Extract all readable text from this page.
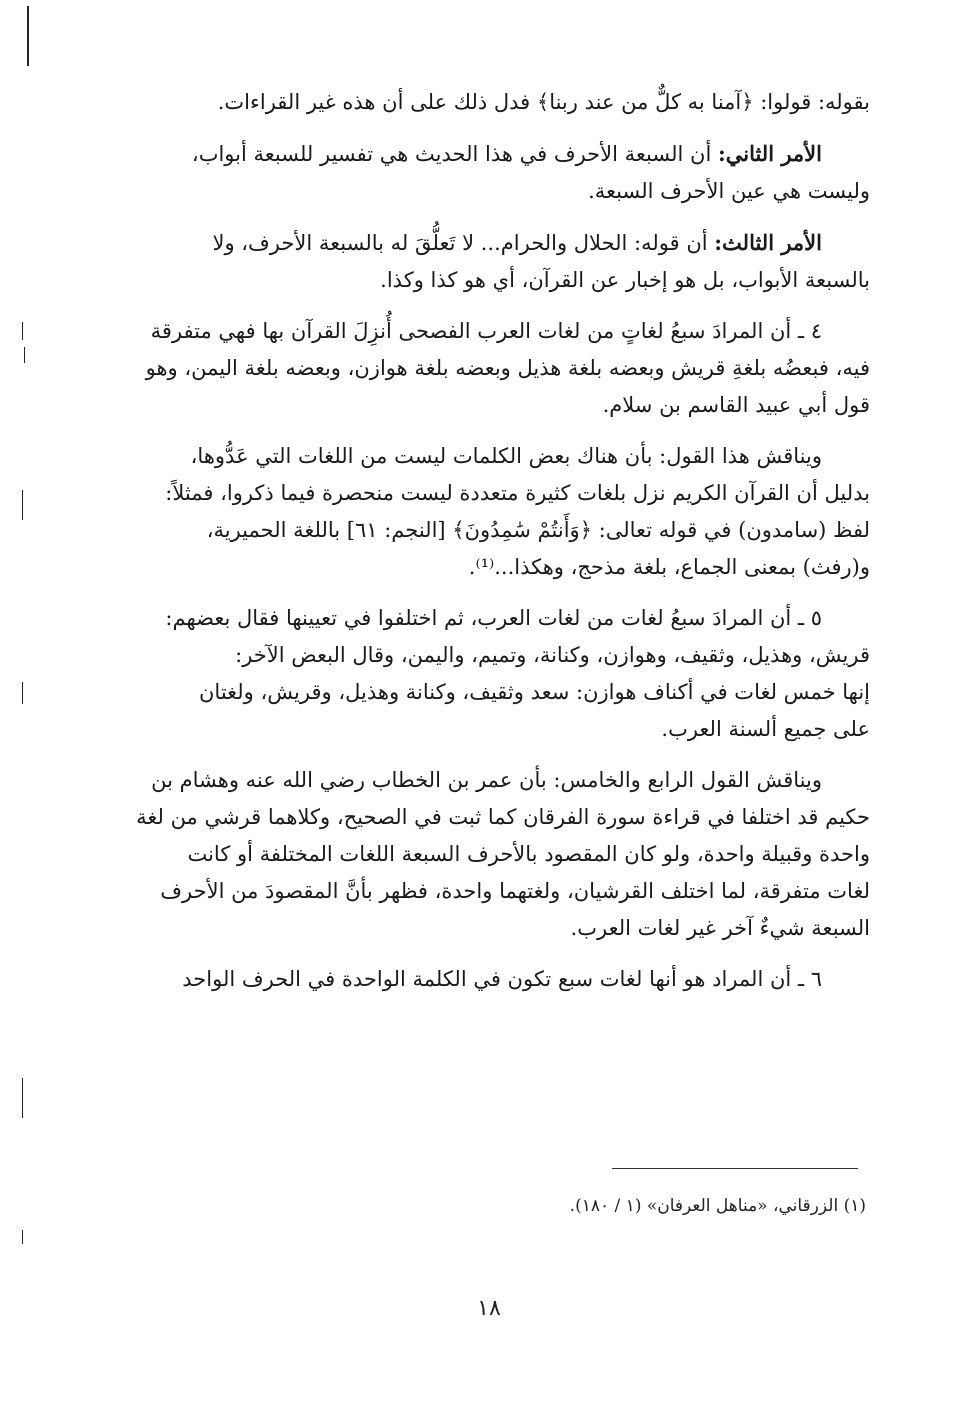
بقوله: قولوا: ﴿آمنا به كلٌّ من عند ربنا﴾ فدل ذلك على أن هذه غير القراءات.

الأمر الثاني: أن السبعة الأحرف في هذا الحديث هي تفسير للسبعة أبواب،
وليست هي عين الأحرف السبعة.

الأمر الثالث: أن قوله: الحلال والحرام... لا تَعلُّقَ له بالسبعة الأحرف، ولا
بالسبعة الأبواب، بل هو إخبار عن القرآن، أي هو كذا وكذا.

٤ ـ أن المرادَ سبعُ لغاتٍ من لغات العرب الفصحى أُنزِلَ القرآن بها فهي متفرقة
فيه، فبعضُه بلغةِ قريش وبعضه بلغة هذيل وبعضه بلغة هوازن، وبعضه بلغة اليمن، وهو
قول أبي عبيد القاسم بن سلام.

ويناقش هذا القول: بأن هناك بعض الكلمات ليست من اللغات التي عَدُّوها،
بدليل أن القرآن الكريم نزل بلغات كثيرة متعددة ليست منحصرة فيما ذكروا، فمثلاً:
لفظ (سامدون) في قوله تعالى: ﴿وَأَنتُمْ سَٰمِدُونَ﴾ [النجم: ٦١] باللغة الحميرية،
و(رفث) بمعنى الجماع، بلغة مذحج، وهكذا...⁽¹⁾.

٥ ـ أن المرادَ سبعُ لغات من لغات العرب، ثم اختلفوا في تعيينها فقال بعضهم:
قريش، وهذيل، وثقيف، وهوازن، وكنانة، وتميم، واليمن، وقال البعض الآخر:
إنها خمس لغات في أكناف هوازن: سعد وثقيف، وكنانة وهذيل، وقريش، ولغتان
على جميع ألسنة العرب.

ويناقش القول الرابع والخامس: بأن عمر بن الخطاب رضي الله عنه وهشام بن
حكيم قد اختلفا في قراءة سورة الفرقان كما ثبت في الصحيح، وكلاهما قرشي من لغة
واحدة وقبيلة واحدة، ولو كان المقصود بالأحرف السبعة اللغات المختلفة أو كانت
لغات متفرقة، لما اختلف القرشيان، ولغتهما واحدة، فظهر بأنَّ المقصودَ من الأحرف
السبعة شيءٌ آخر غير لغات العرب.

٦ ـ أن المراد هو أنها لغات سبع تكون في الكلمة الواحدة في الحرف الواحد

(١) الزرقاني، «مناهل العرفان» (١ / ١٨٠).
١٨
